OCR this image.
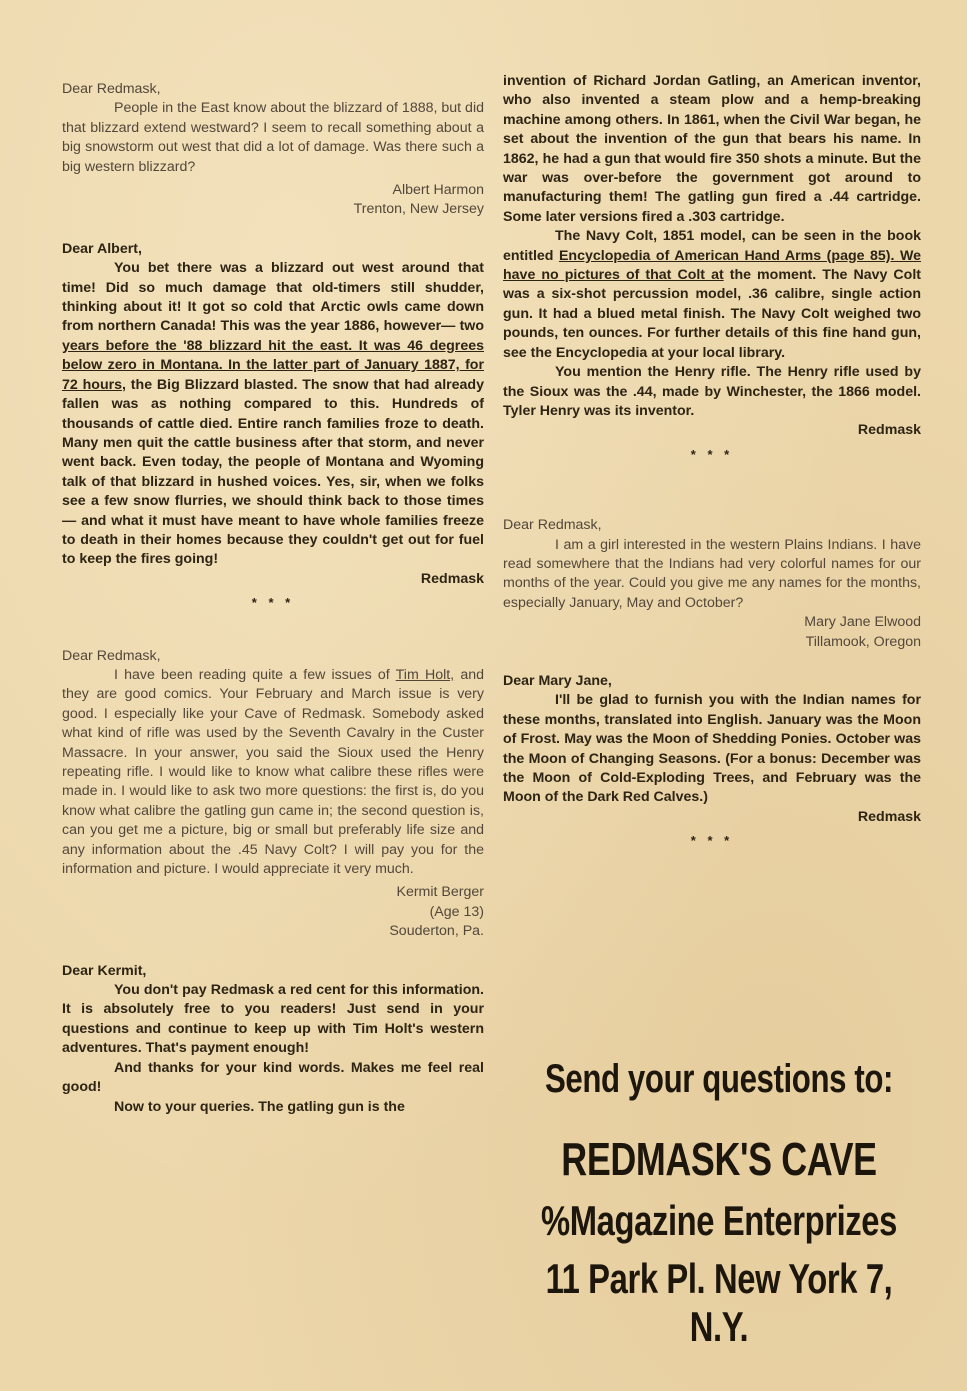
Dear Redmask,

People in the East know about the blizzard of 1888, but did that blizzard extend westward? I seem to recall something about a big snowstorm out west that did a lot of damage. Was there such a big western blizzard?

Albert Harmon

Trenton, New Jersey

Dear Albert,

You bet there was a blizzard out west around that time! Did so much damage that old-timers still shudder, thinking about it! It got so cold that Arctic owls came down from northern Canada! This was the year 1886, however— two years before the '88 blizzard hit the east. It was 46 degrees below zero in Montana. In the latter part of January 1887, for 72 hours, the Big Blizzard blasted. The snow that had already fallen was as nothing compared to this. Hundreds of thousands of cattle died. Entire ranch families froze to death. Many men quit the cattle business after that storm, and never went back. Even today, the people of Montana and Wyoming talk of that blizzard in hushed voices. Yes, sir, when we folks see a few snow flurries, we should think back to those times — and what it must have meant to have whole families freeze to death in their homes because they couldn't get out for fuel to keep the fires going!

Redmask

* * *

Dear Redmask,

I have been reading quite a few issues of Tim Holt, and they are good comics. Your February and March issue is very good. I especially like your Cave of Redmask. Somebody asked what kind of rifle was used by the Seventh Cavalry in the Custer Massacre. In your answer, you said the Sioux used the Henry repeating rifle. I would like to know what calibre these rifles were made in. I would like to ask two more questions: the first is, do you know what calibre the gatling gun came in; the second question is, can you get me a picture, big or small but preferably life size and any information about the .45 Navy Colt? I will pay you for the information and picture. I would appreciate it very much.

Kermit Berger

(Age 13)

Souderton, Pa.

Dear Kermit,

You don't pay Redmask a red cent for this information. It is absolutely free to you readers! Just send in your questions and continue to keep up with Tim Holt's western adventures. That's payment enough!

And thanks for your kind words. Makes me feel real good!

Now to your queries. The gatling gun is the

invention of Richard Jordan Gatling, an American inventor, who also invented a steam plow and a hemp-breaking machine among others. In 1861, when the Civil War began, he set about the invention of the gun that bears his name. In 1862, he had a gun that would fire 350 shots a minute. But the war was over-before the government got around to manufacturing them! The gatling gun fired a .44 cartridge. Some later versions fired a .303 cartridge.

The Navy Colt, 1851 model, can be seen in the book entitled Encyclopedia of American Hand Arms (page 85). We have no pictures of that Colt at the moment. The Navy Colt was a six-shot percussion model, .36 calibre, single action gun. It had a blued metal finish. The Navy Colt weighed two pounds, ten ounces. For further details of this fine hand gun, see the Encyclopedia at your local library.

You mention the Henry rifle. The Henry rifle used by the Sioux was the .44, made by Winchester, the 1866 model. Tyler Henry was its inventor.

Redmask

* * *

Dear Redmask,

I am a girl interested in the western Plains Indians. I have read somewhere that the Indians had very colorful names for our months of the year. Could you give me any names for the months, especially January, May and October?

Mary Jane Elwood

Tillamook, Oregon

Dear Mary Jane,

I'll be glad to furnish you with the Indian names for these months, translated into English. January was the Moon of Frost. May was the Moon of Shedding Ponies. October was the Moon of Changing Seasons. (For a bonus: December was the Moon of Cold-Exploding Trees, and February was the Moon of the Dark Red Calves.)

Redmask

* * *

Send your questions to:
REDMASK'S CAVE
%Magazine Enterprizes
11 Park Pl. New York 7, N.Y.
